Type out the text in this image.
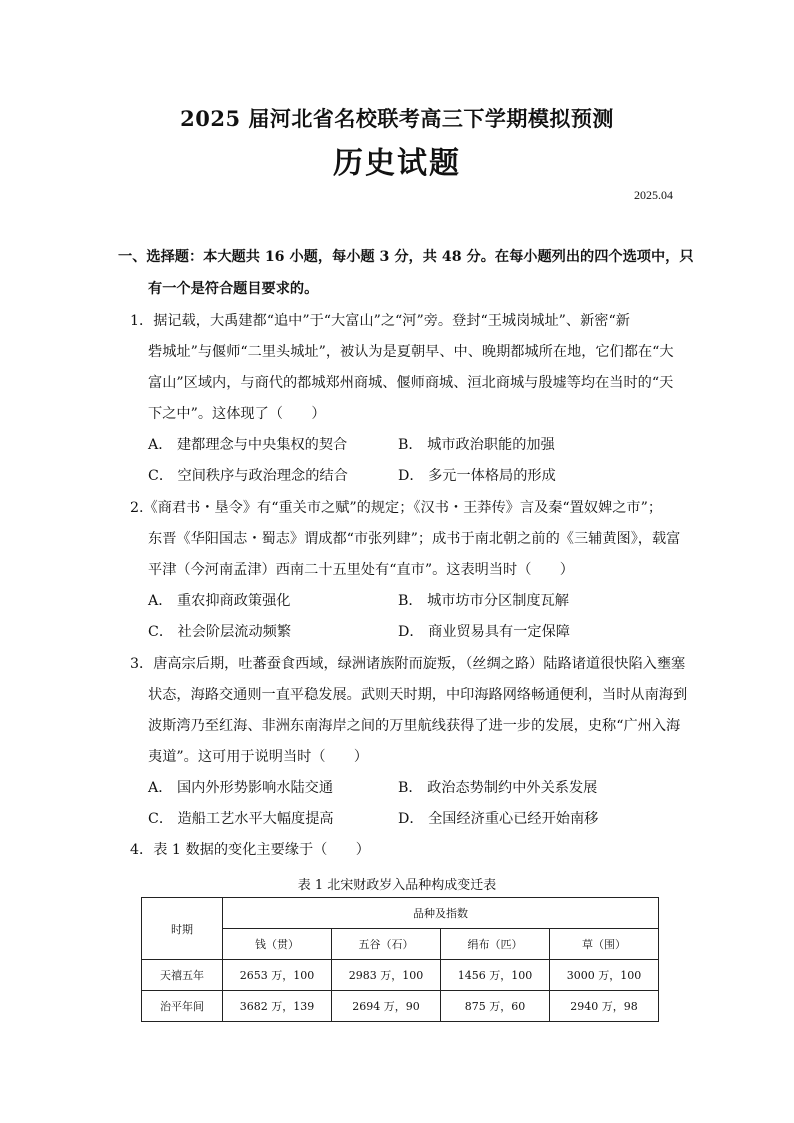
2025 届河北省名校联考高三下学期模拟预测
历史试题
2025.04
一、选择题：本大题共 16 小题，每小题 3 分，共 48 分。在每小题列出的四个选项中，只
有一个是符合题目要求的。
1．据记载，大禹建都“追中”于“大富山”之“河”旁。登封“王城岗城址”、新密“新
砦城址”与偃师“二里头城址”，被认为是夏朝早、中、晚期都城所在地，它们都在“大
富山”区域内，与商代的都城郑州商城、偃师商城、洹北商城与殷墟等均在当时的“天
下之中”。这体现了（　　）
A． 建都理念与中央集权的契合	B． 城市政治职能的加强
C． 空间秩序与政治理念的结合	D． 多元一体格局的形成
2.《商君书・垦令》有“重关市之赋”的规定；《汉书・王莽传》言及秦“置奴婢之市”；
东晋《华阳国志・蜀志》谓成都“市张列肆”；成书于南北朝之前的《三辅黄图》，载富
平津（今河南孟津）西南二十五里处有“直市”。这表明当时（　　）
A． 重农抑商政策强化	B． 城市坊市分区制度瓦解
C． 社会阶层流动频繁	D． 商业贸易具有一定保障
3．唐高宗后期，吐蕃蚕食西域，绿洲诸族附而旋叛，（丝绸之路）陆路诸道很快陷入壅塞
状态，海路交通则一直平稳发展。武则天时期，中印海路网络畅通便利，当时从南海到
波斯湾乃至红海、非洲东南海岸之间的万里航线获得了进一步的发展，史称“广州入海
夷道”。这可用于说明当时（　　）
A． 国内外形势影响水陆交通	B． 政治态势制约中外关系发展
C． 造船工艺水平大幅度提高	D． 全国经济重心已经开始南移
4．表 1 数据的变化主要缘于（　　）
表 1 北宋财政岁入品种构成变迁表
时期	品种及指数			
	钱（贯）	五谷（石）	绢布（匹）	草（围）
天禧五年	2653 万，100	2983 万，100	1456 万，100	3000 万，100
治平年间	3682 万，139	2694 万，90	875 万，60	2940 万，98
